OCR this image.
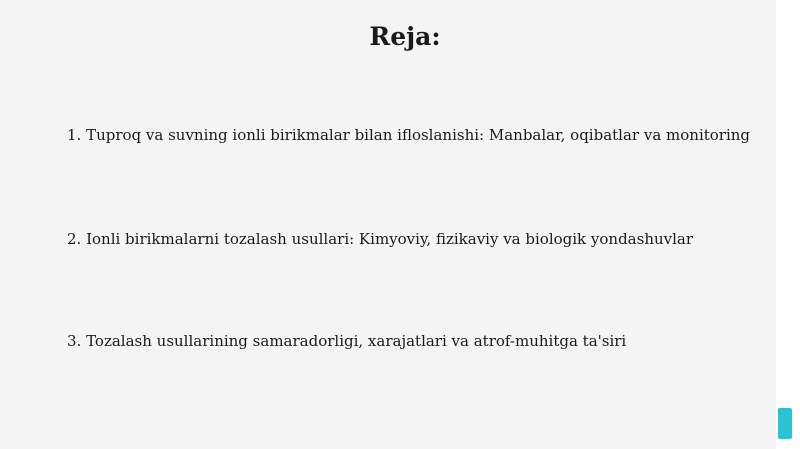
Reja:
1. Tuproq va suvning ionli birikmalar bilan ifloslanishi: Manbalar, oqibatlar va monitoring
2. Ionli birikmalarni tozalash usullari: Kimyoviy, fizikaviy va biologik yondashuvlar
3. Tozalash usullarining samaradorligi, xarajatlari va atrof-muhitga ta'siri
